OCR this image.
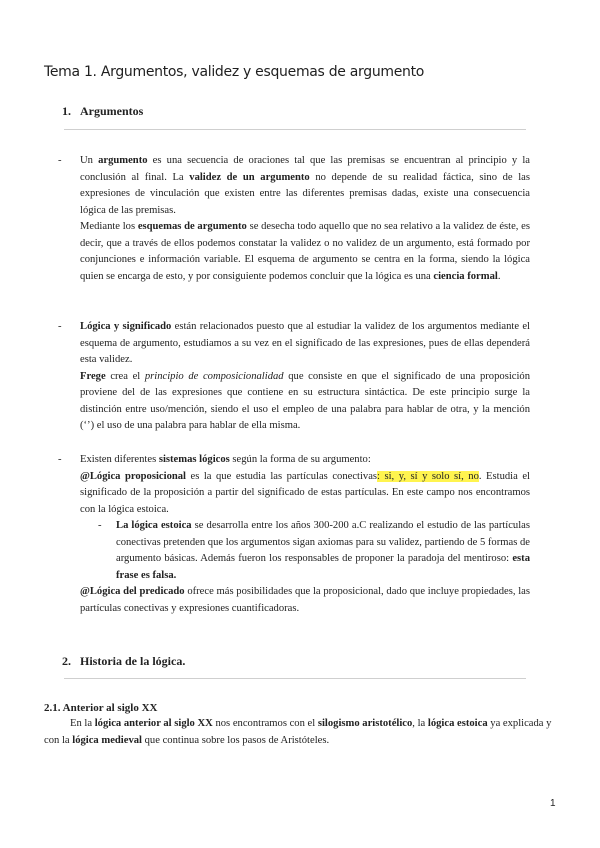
Tema 1. Argumentos, validez y esquemas de argumento
1. Argumentos
- Un argumento es una secuencia de oraciones tal que las premisas se encuentran al principio y la conclusión al final. La validez de un argumento no depende de su realidad fáctica, sino de las expresiones de vinculación que existen entre las diferentes premisas dadas, existe una consecuencia lógica de las premisas.

Mediante los esquemas de argumento se desecha todo aquello que no sea relativo a la validez de éste, es decir, que a través de ellos podemos constatar la validez o no validez de un argumento, está formado por conjunciones e información variable. El esquema de argumento se centra en la forma, siendo la lógica quien se encarga de esto, y por consiguiente podemos concluir que la lógica es una ciencia formal.

- Lógica y significado están relacionados puesto que al estudiar la validez de los argumentos mediante el esquema de argumento, estudiamos a su vez en el significado de las expresiones, pues de ellas dependerá esta validez.

Frege crea el principio de composicionalidad que consiste en que el significado de una proposición proviene del de las expresiones que contiene en su estructura sintáctica. De este principio surge la distinción entre uso/mención, siendo el uso el empleo de una palabra para hablar de otra, y la mención (‘’) el uso de una palabra para hablar de ella misma.

- Existen diferentes sistemas lógicos según la forma de su argumento:

@Lógica proposicional es la que estudia las partículas conectivas: si, y, sí y solo sí, no. Estudia el significado de la proposición a partir del significado de estas partículas. En este campo nos encontramos con la lógica estoica.

- La lógica estoica se desarrolla entre los años 300-200 a.C realizando el estudio de las partículas conectivas pretenden que los argumentos sigan axiomas para su validez, partiendo de 5 formas de argumento básicas. Además fueron los responsables de proponer la paradoja del mentiroso: esta frase es falsa.

@Lógica del predicado ofrece más posibilidades que la proposicional, dado que incluye propiedades, las partículas conectivas y expresiones cuantificadoras.

2. Historia de la lógica.
2.1. Anterior al siglo XX

En la lógica anterior al siglo XX nos encontramos con el silogismo aristotélico, la lógica estoica ya explicada y con la lógica medieval que continua sobre los pasos de Aristóteles.

1
